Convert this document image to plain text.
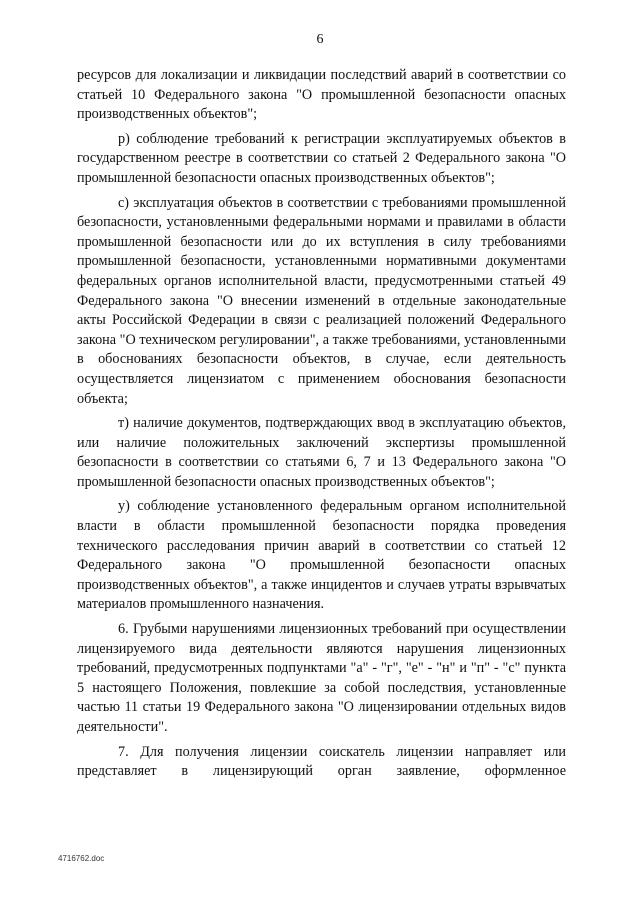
6

ресурсов для локализации и ликвидации последствий аварий в соответствии со статьей 10 Федерального закона "О промышленной безопасности опасных производственных объектов";

р) соблюдение требований к регистрации эксплуатируемых объектов в государственном реестре в соответствии со статьей 2 Федерального закона "О промышленной безопасности опасных производственных объектов";

с) эксплуатация объектов в соответствии с требованиями промышленной безопасности, установленными федеральными нормами и правилами в области промышленной безопасности или до их вступления в силу требованиями промышленной безопасности, установленными нормативными документами федеральных органов исполнительной власти, предусмотренными статьей 49 Федерального закона "О внесении изменений в отдельные законодательные акты Российской Федерации в связи с реализацией положений Федерального закона "О техническом регулировании", а также требованиями, установленными в обоснованиях безопасности объектов, в случае, если деятельность осуществляется лицензиатом с применением обоснования безопасности объекта;

т) наличие документов, подтверждающих ввод в эксплуатацию объектов, или наличие положительных заключений экспертизы промышленной безопасности в соответствии со статьями 6, 7 и 13 Федерального закона "О промышленной безопасности опасных производственных объектов";

у) соблюдение установленного федеральным органом исполнительной власти в области промышленной безопасности порядка проведения технического расследования причин аварий в соответствии со статьей 12 Федерального закона "О промышленной безопасности опасных производственных объектов", а также инцидентов и случаев утраты взрывчатых материалов промышленного назначения.

6. Грубыми нарушениями лицензионных требований при осуществлении лицензируемого вида деятельности являются нарушения лицензионных требований, предусмотренных подпунктами "а" - "г", "е" - "н" и "п" - "с" пункта 5 настоящего Положения, повлекшие за собой последствия, установленные частью 11 статьи 19 Федерального закона "О лицензировании отдельных видов деятельности".

7. Для получения лицензии соискатель лицензии направляет или представляет в лицензирующий орган заявление, оформленное

4716762.doc
